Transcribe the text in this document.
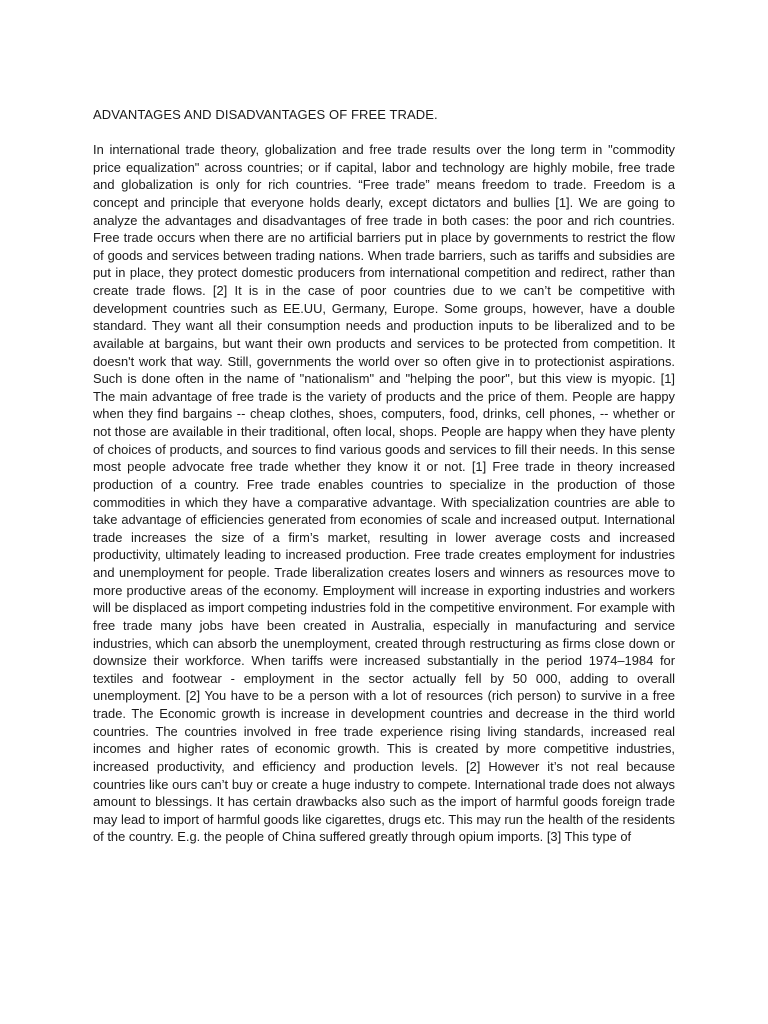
ADVANTAGES AND DISADVANTAGES OF FREE TRADE.

In international trade theory, globalization and free trade results over the long term in "commodity price equalization" across countries; or if capital, labor and technology are highly mobile, free trade and globalization is only for rich countries. “Free trade” means freedom to trade. Freedom is a concept and principle that everyone holds dearly, except dictators and bullies [1]. We are going to analyze the advantages and disadvantages of free trade in both cases: the poor and rich countries. Free trade occurs when there are no artificial barriers put in place by governments to restrict the flow of goods and services between trading nations. When trade barriers, such as tariffs and subsidies are put in place, they protect domestic producers from international competition and redirect, rather than create trade flows. [2] It is in the case of poor countries due to we can’t be competitive with development countries such as EE.UU, Germany, Europe. Some groups, however, have a double standard. They want all their consumption needs and production inputs to be liberalized and to be available at bargains, but want their own products and services to be protected from competition. It doesn't work that way. Still, governments the world over so often give in to protectionist aspirations. Such is done often in the name of "nationalism" and "helping the poor", but this view is myopic. [1] The main advantage of free trade is the variety of products and the price of them. People are happy when they find bargains -- cheap clothes, shoes, computers, food, drinks, cell phones, -- whether or not those are available in their traditional, often local, shops. People are happy when they have plenty of choices of products, and sources to find various goods and services to fill their needs. In this sense most people advocate free trade whether they know it or not. [1] Free trade in theory increased production of a country. Free trade enables countries to specialize in the production of those commodities in which they have a comparative advantage. With specialization countries are able to take advantage of efficiencies generated from economies of scale and increased output. International trade increases the size of a firm’s market, resulting in lower average costs and increased productivity, ultimately leading to increased production. Free trade creates employment for industries and unemployment for people. Trade liberalization creates losers and winners as resources move to more productive areas of the economy. Employment will increase in exporting industries and workers will be displaced as import competing industries fold in the competitive environment. For example with free trade many jobs have been created in Australia, especially in manufacturing and service industries, which can absorb the unemployment, created through restructuring as firms close down or downsize their workforce. When tariffs were increased substantially in the period 1974–1984 for textiles and footwear - employment in the sector actually fell by 50 000, adding to overall unemployment. [2] You have to be a person with a lot of resources (rich person) to survive in a free trade. The Economic growth is increase in development countries and decrease in the third world countries. The countries involved in free trade experience rising living standards, increased real incomes and higher rates of economic growth. This is created by more competitive industries, increased productivity, and efficiency and production levels. [2] However it’s not real because countries like ours can’t buy or create a huge industry to compete. International trade does not always amount to blessings. It has certain drawbacks also such as the import of harmful goods foreign trade may lead to import of harmful goods like cigarettes, drugs etc. This may run the health of the residents of the country. E.g. the people of China suffered greatly through opium imports. [3] This type of
